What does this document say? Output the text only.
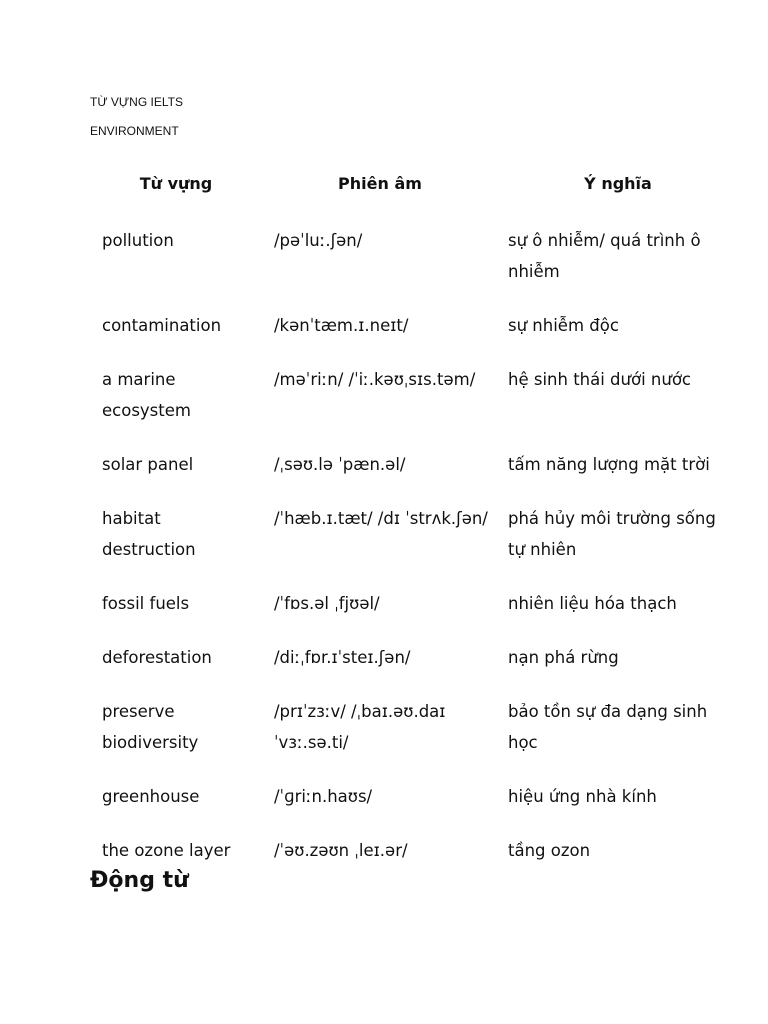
TỪ VỰNG IELTS
ENVIRONMENT
Từ vựng	Phiên âm	Ý nghĩa
pollution	/pəˈluː.ʃən/	sự ô nhiễm/ quá trình ô nhiễm
contamination	/kənˈtæm.ɪ.neɪt/	sự nhiễm độc
a marine ecosystem	/məˈriːn/ /ˈiː.kəʊˌsɪs.təm/	hệ sinh thái dưới nước
solar panel	/ˌsəʊ.lə ˈpæn.əl/	tấm năng lượng mặt trời
habitat destruction	/ˈhæb.ɪ.tæt/ /dɪ ˈstrʌk.ʃən/	phá hủy môi trường sống tự nhiên
fossil fuels	/ˈfɒs.əl ˌfjʊəl/	nhiên liệu hóa thạch
deforestation	/diːˌfɒr.ɪˈsteɪ.ʃən/	nạn phá rừng
preserve biodiversity	/prɪˈzɜːv/ /ˌbaɪ.əʊ.daɪ ˈvɜː.sə.ti/	bảo tồn sự đa dạng sinh học
greenhouse	/ˈɡriːn.haʊs/	hiệu ứng nhà kính
the ozone layer	/ˈəʊ.zəʊn ˌleɪ.ər/	tầng ozon
Động từ
